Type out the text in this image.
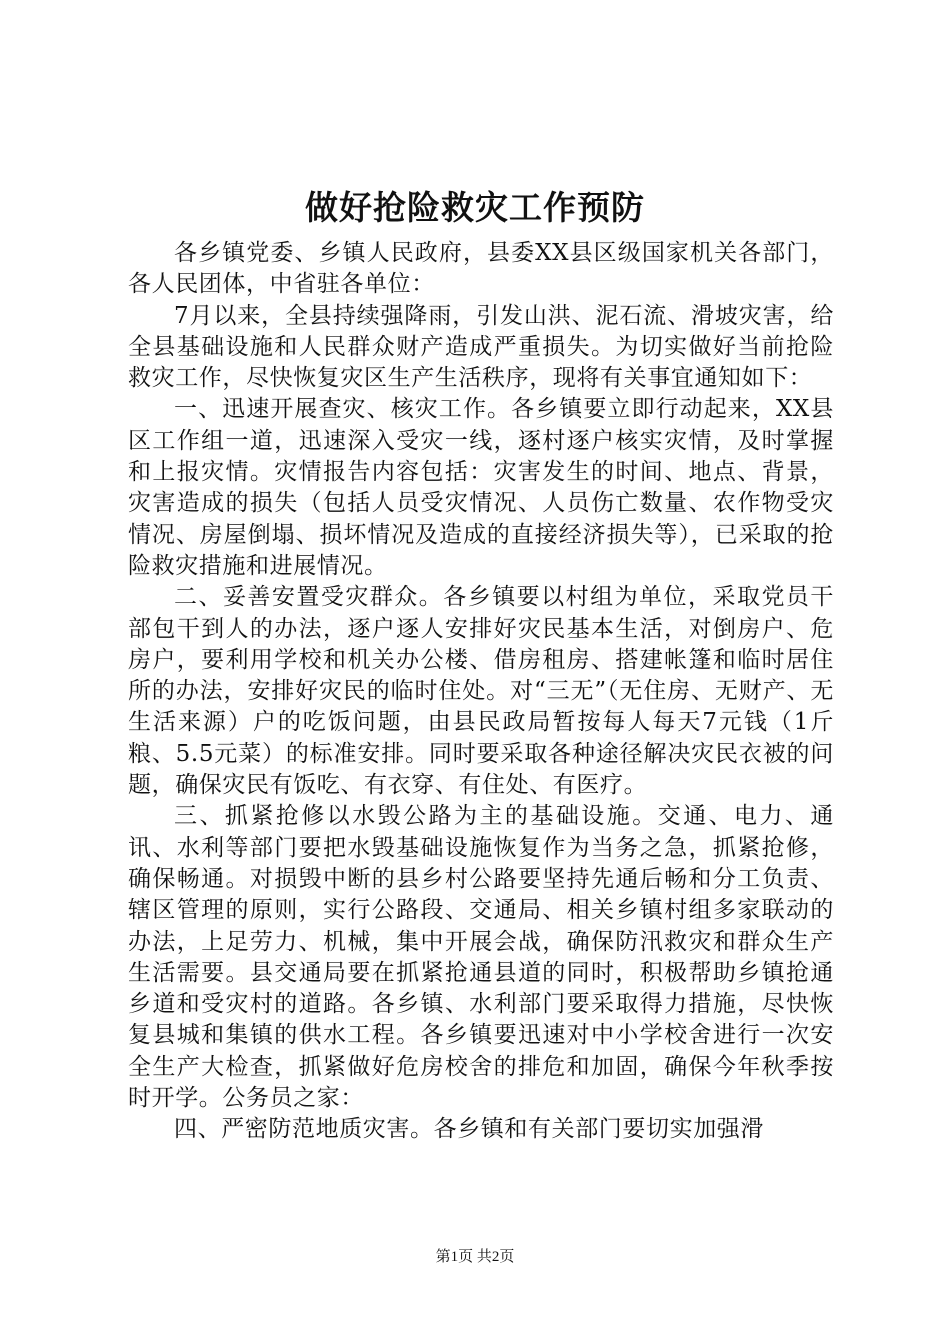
做好抢险救灾工作预防

各乡镇党委、乡镇人民政府，县委XX县区级国家机关各部门，各人民团体，中省驻各单位：

7月以来，全县持续强降雨，引发山洪、泥石流、滑坡灾害，给全县基础设施和人民群众财产造成严重损失。为切实做好当前抢险救灾工作，尽快恢复灾区生产生活秩序，现将有关事宜通知如下：

一、迅速开展查灾、核灾工作。各乡镇要立即行动起来，XX县区工作组一道，迅速深入受灾一线，逐村逐户核实灾情，及时掌握和上报灾情。灾情报告内容包括：灾害发生的时间、地点、背景，灾害造成的损失（包括人员受灾情况、人员伤亡数量、农作物受灾情况、房屋倒塌、损坏情况及造成的直接经济损失等），已采取的抢险救灾措施和进展情况。

二、妥善安置受灾群众。各乡镇要以村组为单位，采取党员干部包干到人的办法，逐户逐人安排好灾民基本生活，对倒房户、危房户，要利用学校和机关办公楼、借房租房、搭建帐篷和临时居住所的办法，安排好灾民的临时住处。对“三无”（无住房、无财产、无生活来源）户的吃饭问题，由县民政局暂按每人每天7元钱（1斤粮、5.5元菜）的标准安排。同时要采取各种途径解决灾民衣被的问题，确保灾民有饭吃、有衣穿、有住处、有医疗。

三、抓紧抢修以水毁公路为主的基础设施。交通、电力、通讯、水利等部门要把水毁基础设施恢复作为当务之急，抓紧抢修，确保畅通。对损毁中断的县乡村公路要坚持先通后畅和分工负责、辖区管理的原则，实行公路段、交通局、相关乡镇村组多家联动的办法，上足劳力、机械，集中开展会战，确保防汛救灾和群众生产生活需要。县交通局要在抓紧抢通县道的同时，积极帮助乡镇抢通乡道和受灾村的道路。各乡镇、水利部门要采取得力措施，尽快恢复县城和集镇的供水工程。各乡镇要迅速对中小学校舍进行一次安全生产大检查，抓紧做好危房校舍的排危和加固，确保今年秋季按时开学。公务员之家：

四、严密防范地质灾害。各乡镇和有关部门要切实加强滑

第1页 共2页
